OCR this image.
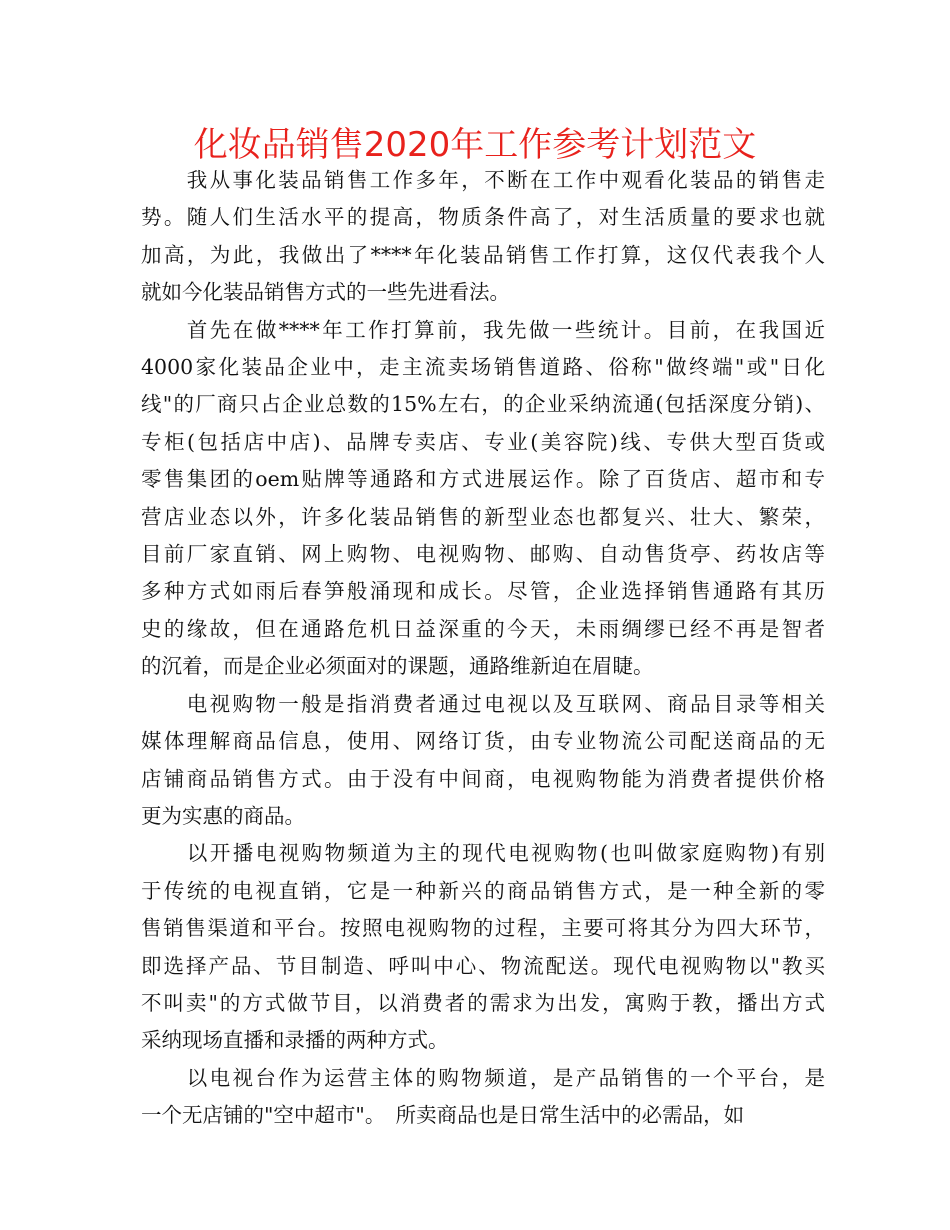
化妆品销售2020年工作参考计划范文

　　我从事化装品销售工作多年，不断在工作中观看化装品的销售走
势。随人们生活水平的提高，物质条件高了，对生活质量的要求也就
加高，为此，我做出了****年化装品销售工作打算，这仅代表我个人
就如今化装品销售方式的一些先进看法。

　　首先在做****年工作打算前，我先做一些统计。目前，在我国近
4000家化装品企业中，走主流卖场销售道路、俗称"做终端"或"日化
线"的厂商只占企业总数的15%左右，的企业采纳流通(包括深度分销)、
专柜(包括店中店)、品牌专卖店、专业(美容院)线、专供大型百货或
零售集团的oem贴牌等通路和方式进展运作。除了百货店、超市和专
营店业态以外，许多化装品销售的新型业态也都复兴、壮大、繁荣，
目前厂家直销、网上购物、电视购物、邮购、自动售货亭、药妆店等
多种方式如雨后春笋般涌现和成长。尽管，企业选择销售通路有其历
史的缘故，但在通路危机日益深重的今天，未雨绸缪已经不再是智者
的沉着，而是企业必须面对的课题，通路维新迫在眉睫。

　　电视购物一般是指消费者通过电视以及互联网、商品目录等相关
媒体理解商品信息，使用、网络订货，由专业物流公司配送商品的无
店铺商品销售方式。由于没有中间商，电视购物能为消费者提供价格
更为实惠的商品。

　　以开播电视购物频道为主的现代电视购物(也叫做家庭购物)有别
于传统的电视直销，它是一种新兴的商品销售方式，是一种全新的零
售销售渠道和平台。按照电视购物的过程，主要可将其分为四大环节，
即选择产品、节目制造、呼叫中心、物流配送。现代电视购物以"教买
不叫卖"的方式做节目，以消费者的需求为出发，寓购于教，播出方式
采纳现场直播和录播的两种方式。

　　以电视台作为运营主体的购物频道，是产品销售的一个平台，是
一个无店铺的"空中超市"。　所卖商品也是日常生活中的必需品，如
